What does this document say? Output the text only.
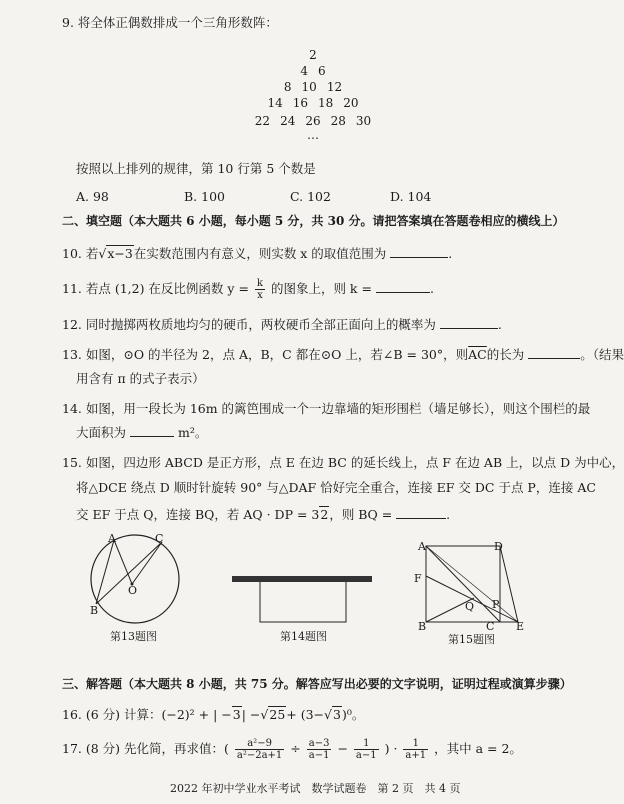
9. 将全体正偶数排成一个三角形数阵：
2
4 6
8 10 12
14 16 18 20
22 24 26 28 30
…
按照以上排列的规律，第 10 行第 5 个数是
A. 98	B. 100	C. 102	D. 104
二、填空题（本大题共 6 小题，每小题 5 分，共 30 分。请把答案填在答题卷相应的横线上）
10. 若√x−3在实数范围内有意义，则实数 x 的取值范围为	.
11. 若点 (1,2) 在反比例函数 $y = \frac{k}{x}$ 的图象上，则 k =	.
12. 同时抛掷两枚质地均匀的硬币，两枚硬币全部正面向上的概率为	.
13. 如图，⊙O 的半径为 2，点 A，B，C 都在⊙O 上，若∠B = 30°，则$\overline{AC}$的长为	。（结果
用含有 π 的式子表示）
14. 如图，用一段长为 16m 的篱笆围成一个一边靠墙的矩形围栏（墙足够长），则这个围栏的最
大面积为	m²。
15. 如图，四边形 ABCD 是正方形，点 E 在边 BC 的延长线上，点 F 在边 AB 上，以点 D 为中心，
将△DCE 绕点 D 顺时针旋转 90° 与△DAF 恰好完全重合，连接 EF 交 DC 于点 P，连接 AC
交 EF 于点 Q，连接 BQ，若 AQ · DP = 32，则 BQ =	.
A	C
O
B
第13题图	第14题图
A	D
F
Q P
B	C E
第15题图
三、解答题（本大题共 8 小题，共 75 分。解答应写出必要的文字说明，证明过程或演算步骤）
16. (6 分) 计算：(−2)² + | −3| −√25+ (3−√3)⁰。
17. (8 分) 先化简，再求值：( $\frac{\text{a²−9}}{\text{a²−2a+1}} \div \frac{a-3}{a-1} - \frac{1}{a-1}$ ) · $\frac{1}{a+1}$ ，其中 a = 2。
2022 年初中学业水平考试　数学试题卷　第 2 页　共 4 页
